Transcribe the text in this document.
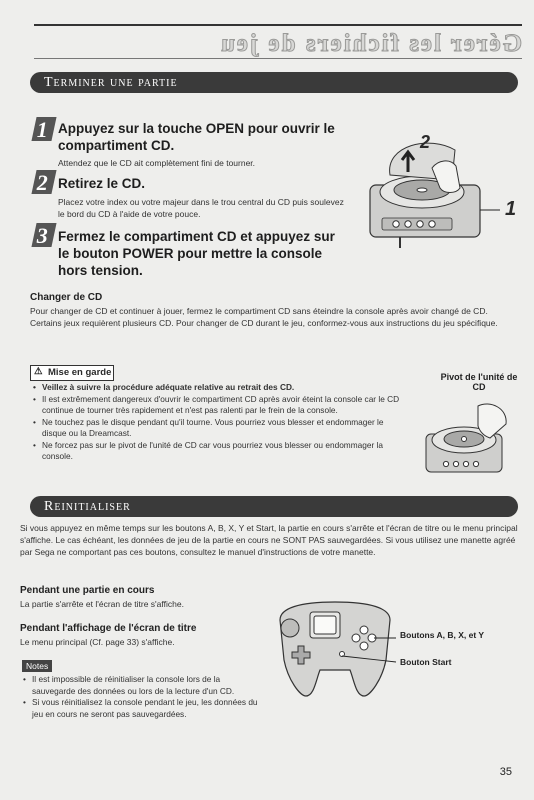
Gérer les fichiers de jeu
Terminer une partie
1 Appuyez sur la touche OPEN pour ouvrir le compartiment CD.
Attendez que le CD ait complètement fini de tourner.
2 Retirez le CD.
Placez votre index ou votre majeur dans le trou central du CD puis soulevez le bord du CD à l'aide de votre pouce.
3 Fermez le compartiment CD et appuyez sur le bouton POWER pour mettre la console hors tension.
2
1
Changer de CD
Pour changer de CD et continuer à jouer, fermez le compartiment CD sans éteindre la console après avoir changé de CD. Certains jeux requièrent plusieurs CD. Pour changer de CD durant le jeu, conformez-vous aux instructions du jeu spécifique.
⚠ Mise en garde
• Veillez à suivre la procédure adéquate relative au retrait des CD.
• Il est extrêmement dangereux d'ouvrir le compartiment CD après avoir éteint la console car le CD continue de tourner très rapidement et n'est pas ralenti par le frein de la console.
• Ne touchez pas le disque pendant qu'il tourne. Vous pourriez vous blesser et endommager le disque ou la Dreamcast.
• Ne forcez pas sur le pivot de l'unité de CD car vous pourriez vous blesser ou endommager la console.
Pivot de l'unité de CD
Reinitialiser
Si vous appuyez en même temps sur les boutons A, B, X, Y et Start, la partie en cours s'arrête et l'écran de titre ou le menu principal s'affiche. Le cas échéant, les données de jeu de la partie en cours ne SONT PAS sauvegardées. Si vous utilisez une manette agréé par Sega ne comportant pas ces boutons, consultez le manuel d'instructions de votre manette.
Pendant une partie en cours
La partie s'arrête et l'écran de titre s'affiche.
Pendant l'affichage de l'écran de titre
Le menu principal (Cf. page 33) s'affiche.
Notes
• Il est impossible de réinitialiser la console lors de la sauvegarde des données ou lors de la lecture d'un CD.
• Si vous réinitialisez la console pendant le jeu, les données du jeu en cours ne seront pas sauvegardées.
Boutons A, B, X, et Y
Bouton Start
35
